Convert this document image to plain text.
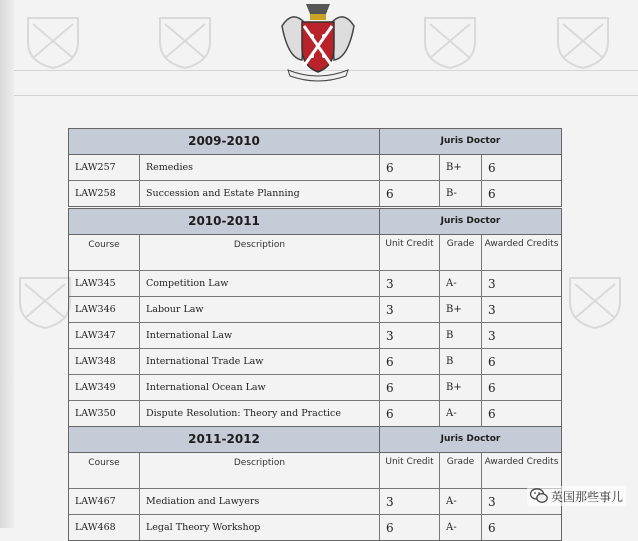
2009-2010	Juris Doctor
LAW257	Remedies	6	B+	6
LAW258	Succession and Estate Planning	6	B-	6
2010-2011	Juris Doctor
Course	Description	Unit Credit	Grade	Awarded Credits
LAW345	Competition Law	3	A-	3
LAW346	Labour Law	3	B+	3
LAW347	International Law	3	B	3
LAW348	International Trade Law	6	B	6
LAW349	International Ocean Law	6	B+	6
LAW350	Dispute Resolution: Theory and Practice	6	A-	6
2011-2012	Juris Doctor
Course	Description	Unit Credit	Grade	Awarded Credits
LAW467	Mediation and Lawyers	3	A-	3
LAW468	Legal Theory Workshop	6	A-	6
英国那些事儿
